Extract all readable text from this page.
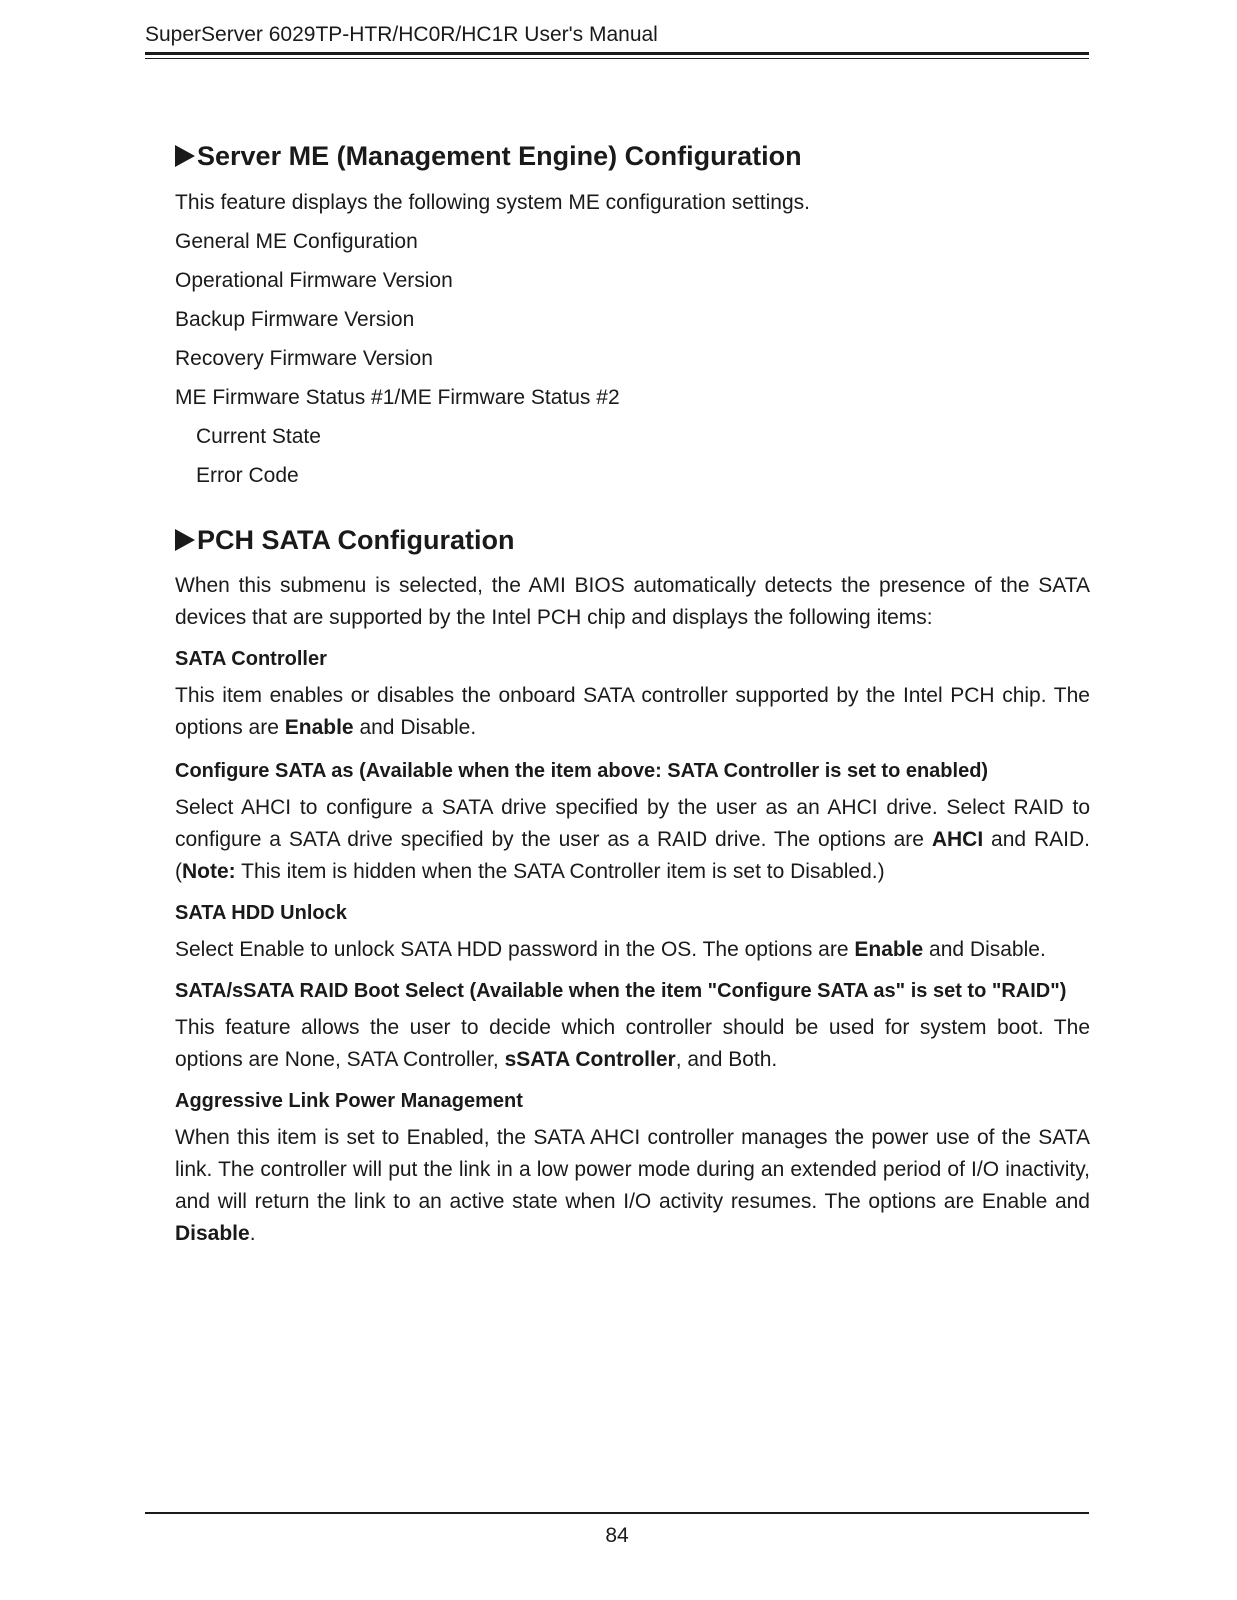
SuperServer 6029TP-HTR/HC0R/HC1R User's Manual
Server ME (Management Engine) Configuration

This feature displays the following system ME configuration settings.

General ME Configuration

Operational Firmware Version

Backup Firmware Version

Recovery Firmware Version

ME Firmware Status #1/ME Firmware Status #2

Current State

Error Code

PCH SATA Configuration

When this submenu is selected, the AMI BIOS automatically detects the presence of the SATA devices that are supported by the Intel PCH chip and displays the following items:

SATA Controller

This item enables or disables the onboard SATA controller supported by the Intel PCH chip. The options are Enable and Disable.

Configure SATA as (Available when the item above: SATA Controller is set to enabled)

Select AHCI to configure a SATA drive specified by the user as an AHCI drive. Select RAID to configure a SATA drive specified by the user as a RAID drive. The options are AHCI and RAID. (Note: This item is hidden when the SATA Controller item is set to Disabled.)

SATA HDD Unlock

Select Enable to unlock SATA HDD password in the OS. The options are Enable and Disable.

SATA/sSATA RAID Boot Select (Available when the item "Configure SATA as" is set to "RAID")

This feature allows the user to decide which controller should be used for system boot. The options are None, SATA Controller, sSATA Controller, and Both.

Aggressive Link Power Management

When this item is set to Enabled, the SATA AHCI controller manages the power use of the SATA link. The controller will put the link in a low power mode during an extended period of I/O inactivity, and will return the link to an active state when I/O activity resumes. The options are Enable and Disable.

84
